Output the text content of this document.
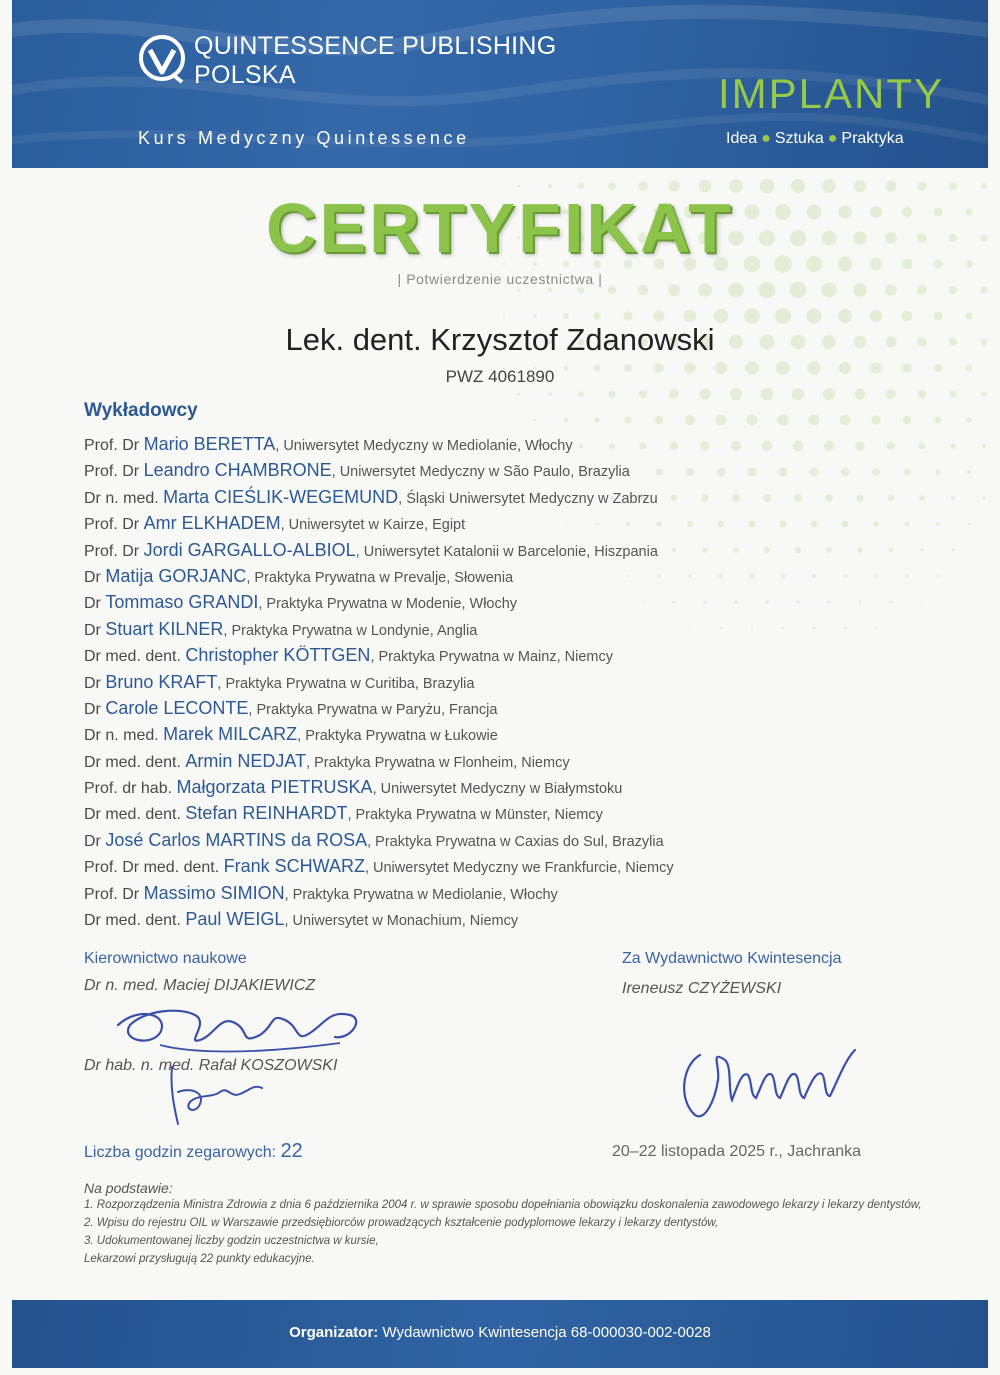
QUINTESSENCE PUBLISHING
POLSKA
Kurs Medyczny Quintessence
IMPLANTY
Idea ● Sztuka ● Praktyka
CERTYFIKAT
| Potwierdzenie uczestnictwa |
Lek. dent. Krzysztof Zdanowski
PWZ 4061890
Wykładowcy
Prof. Dr Mario BERETTA, Uniwersytet Medyczny w Mediolanie, Włochy
Prof. Dr Leandro CHAMBRONE, Uniwersytet Medyczny w São Paulo, Brazylia
Dr n. med. Marta CIEŚLIK-WEGEMUND, Śląski Uniwersytet Medyczny w Zabrzu
Prof. Dr Amr ELKHADEM, Uniwersytet w Kairze, Egipt
Prof. Dr Jordi GARGALLO-ALBIOL, Uniwersytet Katalonii w Barcelonie, Hiszpania
Dr Matija GORJANC, Praktyka Prywatna w Prevalje, Słowenia
Dr Tommaso GRANDI, Praktyka Prywatna w Modenie, Włochy
Dr Stuart KILNER, Praktyka Prywatna w Londynie, Anglia
Dr med. dent. Christopher KÖTTGEN, Praktyka Prywatna w Mainz, Niemcy
Dr Bruno KRAFT, Praktyka Prywatna w Curitiba, Brazylia
Dr Carole LECONTE, Praktyka Prywatna w Paryżu, Francja
Dr n. med. Marek MILCARZ, Praktyka Prywatna w Łukowie
Dr med. dent. Armin NEDJAT, Praktyka Prywatna w Flonheim, Niemcy
Prof. dr hab. Małgorzata PIETRUSKA, Uniwersytet Medyczny w Białymstoku
Dr med. dent. Stefan REINHARDT, Praktyka Prywatna w Münster, Niemcy
Dr José Carlos MARTINS da ROSA, Praktyka Prywatna w Caxias do Sul, Brazylia
Prof. Dr med. dent. Frank SCHWARZ, Uniwersytet Medyczny we Frankfurcie, Niemcy
Prof. Dr Massimo SIMION, Praktyka Prywatna w Mediolanie, Włochy
Dr med. dent. Paul WEIGL, Uniwersytet w Monachium, Niemcy
Kierownictwo naukowe
Dr n. med. Maciej DIJAKIEWICZ
Dr hab. n. med. Rafał KOSZOWSKI
Za Wydawnictwo Kwintesencja
Ireneusz CZYŻEWSKI
Liczba godzin zegarowych: 22	20–22 listopada 2025 r., Jachranka
Na podstawie:
1. Rozporządzenia Ministra Zdrowia z dnia 6 października 2004 r. w sprawie sposobu dopełniania obowiązku doskonalenia zawodowego lekarzy i lekarzy dentystów,
2. Wpisu do rejestru OIL w Warszawie przedsiębiorców prowadzących kształcenie podyplomowe lekarzy i lekarzy dentystów,
3. Udokumentowanej liczby godzin uczestnictwa w kursie,
Lekarzowi przysługują 22 punkty edukacyjne.
Organizator: Wydawnictwo Kwintesencja 68-000030-002-0028
